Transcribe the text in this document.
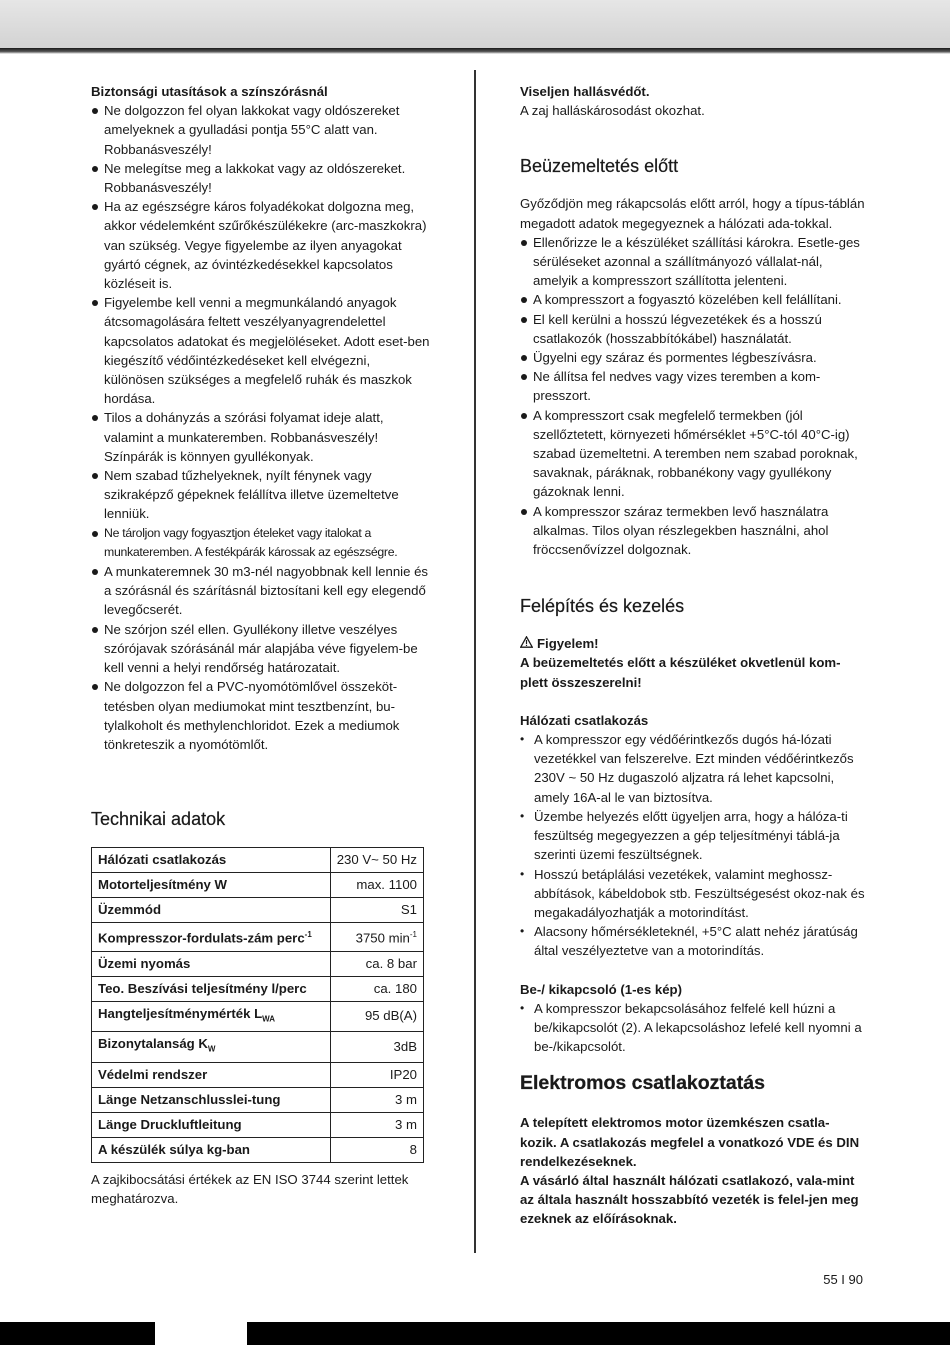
Biztonsági utasítások a színszórásnál

Ne dolgozzon fel olyan lakkokat vagy oldószereket amelyeknek a gyulladási pontja 55°C alatt van. Robbanásveszély!
Ne melegítse meg a lakkokat vagy az oldószereket. Robbanásveszély!
Ha az egészségre káros folyadékokat dolgozna meg, akkor védelemként szűrőkészülékekre (arc-maszkokra) van szükség. Vegye figyelembe az ilyen anyagokat gyártó cégnek, az óvintézkedésekkel kapcsolatos közléseit is.
Figyelembe kell venni a megmunkálandó anyagok átcsomagolására feltett veszélyanyagrendelettel kapcsolatos adatokat és megjelöléseket. Adott eset-ben kiegészítő védőintézkedéseket kell elvégezni, különösen szükséges a megfelelő ruhák és maszkok hordása.
Tilos a dohányzás a szórási folyamat ideje alatt, valamint a munkateremben. Robbanásveszély! Színpárák is könnyen gyullékonyak.
Nem szabad tűzhelyeknek, nyílt fénynek vagy szikraképző gépeknek felállítva illetve üzemeltetve lenniük.
Ne tároljon vagy fogyasztjon ételeket vagy italokat a munkateremben. A festékpárák károssak az egészségre.
A munkateremnek 30 m3-nél nagyobbnak kell lennie és a szórásnál és szárításnál biztosítani kell egy elegendő levegőcserét.
Ne szórjon szél ellen. Gyullékony illetve veszélyes szórójavak szórásánál már alapjába véve figyelem-be kell venni a helyi rendőrség határozatait.
Ne dolgozzon fel a PVC-nyomótömlővel összeköt-tetésben olyan mediumokat mint tesztbenzínt, bu-tylalkoholt és methylenchloridot. Ezek a mediumok tönkreteszik a nyomótömlőt.
Technikai adatok
Hálózati csatlakozás	230 V~ 50 Hz
Motorteljesítmény W	max. 1100
Üzemmód	S1
Kompresszor-fordulats-zám perc$^{-1}$	3750 $\min^{-1}$
Üzemi nyomás	ca. 8 bar
Teo. Beszívási teljesítmény l/perc	ca. 180
Hangteljesítménymérték $L_{WA}$	95 dB(A)
Bizonytalanság $K_W$	3dB
Védelmi rendszer	IP20
Länge Netzanschlusslei-tung	3 m
Länge Druckluftleitung	3 m
A készülék súlya kg-ban	8

A zajkibocsátási értékek az EN ISO 3744 szerint lettek meghatározva.

Viseljen hallásvédőt.

A zaj halláskárosodást okozhat.

Beüzemeltetés előtt

Győződjön meg rákapcsolás előtt arról, hogy a típus-táblán megadott adatok megegyeznek a hálózati ada-tokkal.

Ellenőrizze le a készüléket szállítási károkra. Esetle-ges sérüléseket azonnal a szállítmányozó vállalat-nál, amelyik a kompresszort szállította jelenteni.
A kompresszort a fogyasztó közelében kell felállítani.
El kell kerülni a hosszú légvezetékek és a hosszú csatlakozók (hosszabbítókábel) használatát.
Ügyelni egy száraz és pormentes légbeszívásra.
Ne állítsa fel nedves vagy vizes teremben a kom-presszort.
A kompresszort csak megfelelő termekben (jól szellőztetett, környezeti hőmérséklet +5°C-tól 40°C-ig) szabad üzemeltetni. A teremben nem szabad poroknak, savaknak, páráknak, robbanékony vagy gyullékony gázoknak lenni.
A kompresszor száraz termekben levő használatra alkalmas. Tilos olyan részlegekben használni, ahol fröccsenővízzel dolgoznak.
Felépítés és kezelés

Figyelem!

A beüzemeltetés előtt a készüléket okvetlenül kom-plett összeszerelni!

Hálózati csatlakozás

• A kompresszor egy védőérintkezős dugós há-lózati vezetékkel van felszerelve. Ezt minden védőérintkezős 230V ~ 50 Hz dugaszoló aljzatra rá lehet kapcsolni, amely 16A-al le van biztosítva.
• Üzembe helyezés előtt ügyeljen arra, hogy a hálóza-ti feszültség megegyezzen a gép teljesítményi táblá-ja szerinti üzemi feszültségnek.
• Hosszú betáplálási vezetékek, valamint meghossz-abbítások, kábeldobok stb. Feszültségesést okoz-nak és megakadályozhatják a motorindítást.
• Alacsony hőmérsékleteknél, +5°C alatt nehéz járatúság által veszélyeztetve van a motorindítás.

Be-/ kikapcsoló (1-es kép)

• A kompresszor bekapcsolásához felfelé kell húzni a be/kikapcsolót (2). A lekapcsoláshoz lefelé kell nyomni a be-/kikapcsolót.
Elektromos csatlakoztatás

A telepített elektromos motor üzemkészen csatla-kozik. A csatlakozás megfelel a vonatkozó VDE és DIN rendelkezéseknek.

A vásárló által használt hálózati csatlakozó, vala-mint az általa használt hosszabbító vezeték is felel-jen meg ezeknek az előírásoknak.

55 I 90
